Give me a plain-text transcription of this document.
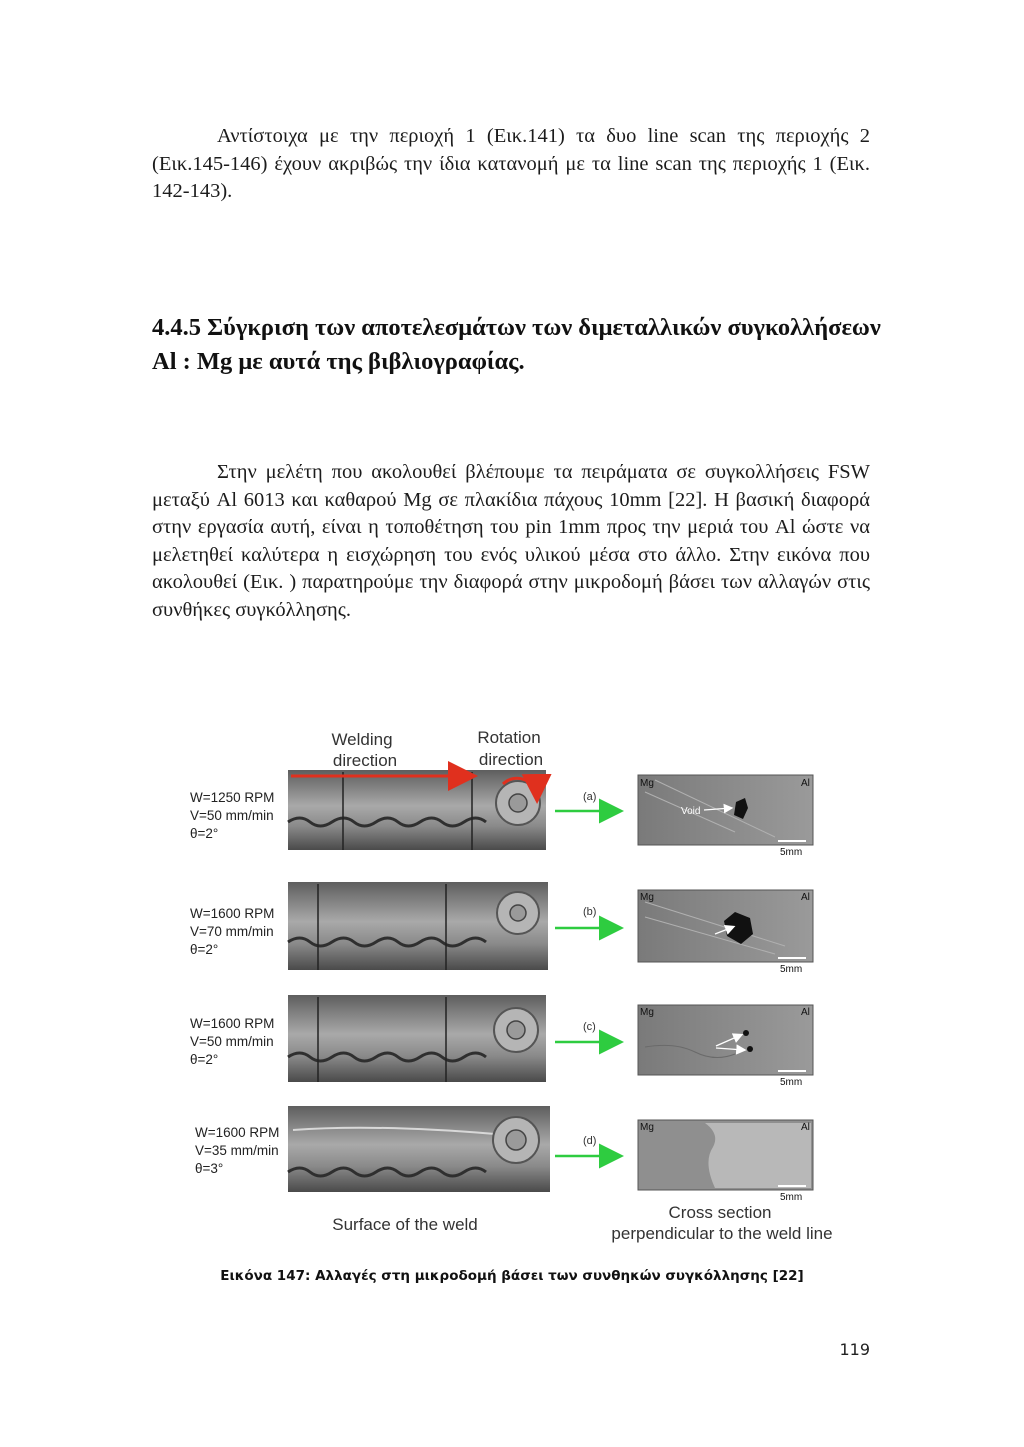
Αντίστοιχα με την περιοχή 1 (Εικ.141) τα δυο line scan της περιοχής 2 (Εικ.145-146) έχουν ακριβώς την ίδια κατανομή με τα line scan της περιοχής 1 (Εικ. 142-143).

4.4.5 Σύγκριση των αποτελεσμάτων των διμεταλλικών συγκολλήσεων Al : Mg με αυτά της βιβλιογραφίας.

Στην μελέτη που ακολουθεί βλέπουμε τα πειράματα σε συγκολλήσεις FSW μεταξύ Al 6013 και καθαρού Mg σε πλακίδια πάχους 10mm [22]. Η βασική διαφορά στην εργασία αυτή, είναι η τοποθέτηση του pin 1mm προς την μεριά του Al ώστε να μελετηθεί καλύτερα η εισχώρηση του ενός υλικού μέσα στο άλλο. Στην εικόνα που ακολουθεί (Εικ. ) παρατηρούμε την διαφορά στην μικροδομή βάσει των αλλαγών στις συνθήκες συγκόλλησης.

Welding
direction
Rotation
direction
W=1250 RPM
V=50 mm/min
θ=2°
(a)
Void
Mg	Al
5mm
W=1600 RPM
V=70 mm/min
θ=2°
(b)
Mg	Al
5mm
W=1600 RPM
V=50 mm/min
θ=2°
(c)
Mg	Al
5mm
W=1600 RPM
V=35 mm/min
θ=3°
(d)
Mg	Al
5mm
Surface of the weld
Cross section
perpendicular to the weld line
Εικόνα 147: Αλλαγές στη μικροδομή βάσει των συνθηκών συγκόλλησης [22]
119
